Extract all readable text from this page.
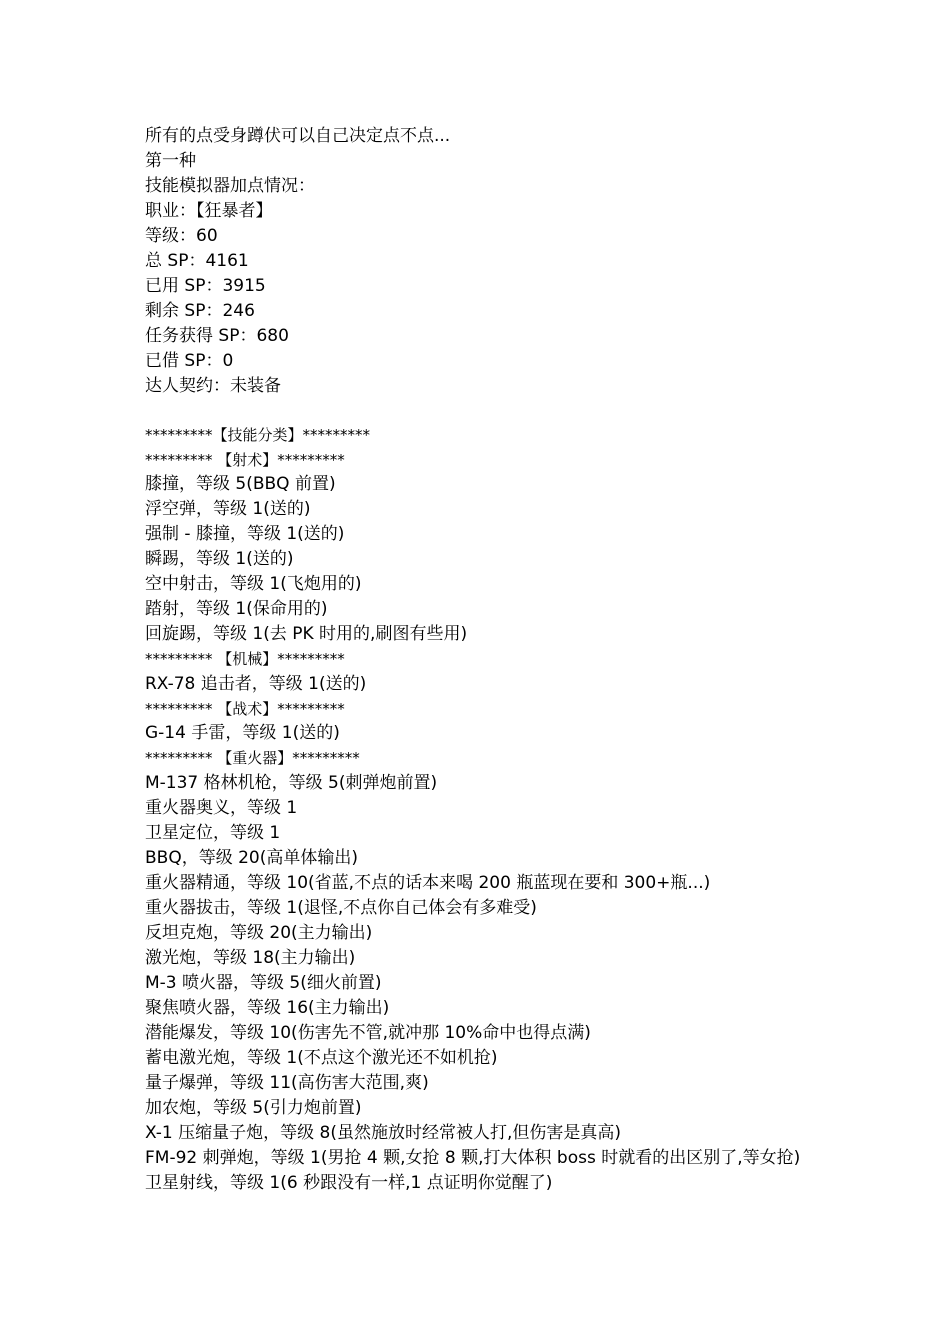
所有的点受身蹲伏可以自己决定点不点...
第一种
技能模拟器加点情况：
职业：【狂暴者】
等级：60
总 SP：4161
已用 SP：3915
剩余 SP：246
任务获得 SP：680
已借 SP：0
达人契约：未装备
*********【技能分类】*********
********* 【射术】*********
膝撞，等级 5(BBQ 前置)
浮空弹，等级 1(送的)
强制 - 膝撞，等级 1(送的)
瞬踢，等级 1(送的)
空中射击，等级 1(飞炮用的)
踏射，等级 1(保命用的)
回旋踢，等级 1(去 PK 时用的,刷图有些用)
********* 【机械】*********
RX-78 追击者，等级 1(送的)
********* 【战术】*********
G-14 手雷，等级 1(送的)
********* 【重火器】*********
M-137 格林机枪，等级 5(刺弹炮前置)
重火器奥义，等级 1
卫星定位，等级 1
BBQ，等级 20(高单体输出)
重火器精通，等级 10(省蓝,不点的话本来喝 200 瓶蓝现在要和 300+瓶...)
重火器拔击，等级 1(退怪,不点你自己体会有多难受)
反坦克炮，等级 20(主力输出)
激光炮，等级 18(主力输出)
M-3 喷火器，等级 5(细火前置)
聚焦喷火器，等级 16(主力输出)
潜能爆发，等级 10(伤害先不管,就冲那 10%命中也得点满)
蓄电激光炮，等级 1(不点这个激光还不如机抢)
量子爆弹，等级 11(高伤害大范围,爽)
加农炮，等级 5(引力炮前置)
X-1 压缩量子炮，等级 8(虽然施放时经常被人打,但伤害是真高)
FM-92 刺弹炮，等级 1(男抢 4 颗,女抢 8 颗,打大体积 boss 时就看的出区别了,等女抢)
卫星射线，等级 1(6 秒跟没有一样,1 点证明你觉醒了)
